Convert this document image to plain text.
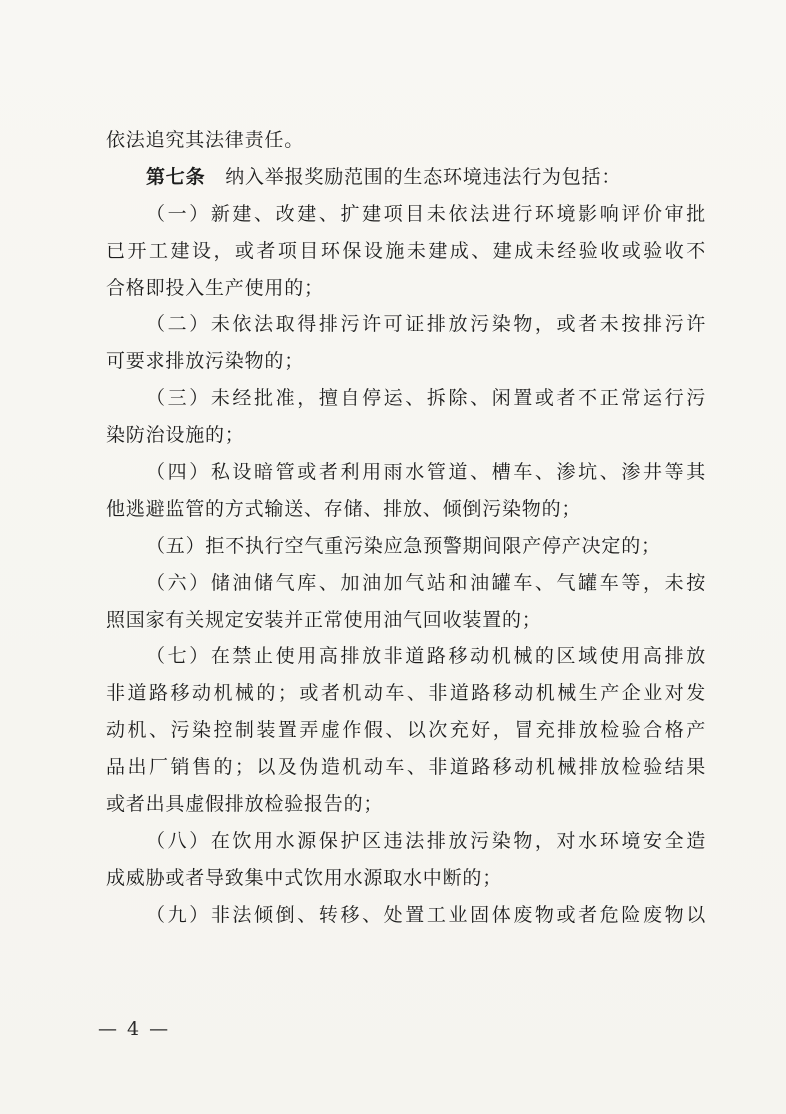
依法追究其法律责任。
第七条　纳入举报奖励范围的生态环境违法行为包括：
（一）新建、改建、扩建项目未依法进行环境影响评价审批
已开工建设，或者项目环保设施未建成、建成未经验收或验收不
合格即投入生产使用的；
（二）未依法取得排污许可证排放污染物，或者未按排污许
可要求排放污染物的；
（三）未经批准，擅自停运、拆除、闲置或者不正常运行污
染防治设施的；
（四）私设暗管或者利用雨水管道、槽车、渗坑、渗井等其
他逃避监管的方式输送、存储、排放、倾倒污染物的；
（五）拒不执行空气重污染应急预警期间限产停产决定的；
（六）储油储气库、加油加气站和油罐车、气罐车等，未按
照国家有关规定安装并正常使用油气回收装置的；
（七）在禁止使用高排放非道路移动机械的区域使用高排放
非道路移动机械的；或者机动车、非道路移动机械生产企业对发
动机、污染控制装置弄虚作假、以次充好，冒充排放检验合格产
品出厂销售的；以及伪造机动车、非道路移动机械排放检验结果
或者出具虚假排放检验报告的；
（八）在饮用水源保护区违法排放污染物，对水环境安全造
成威胁或者导致集中式饮用水源取水中断的；
（九）非法倾倒、转移、处置工业固体废物或者危险废物以
— 4 —
